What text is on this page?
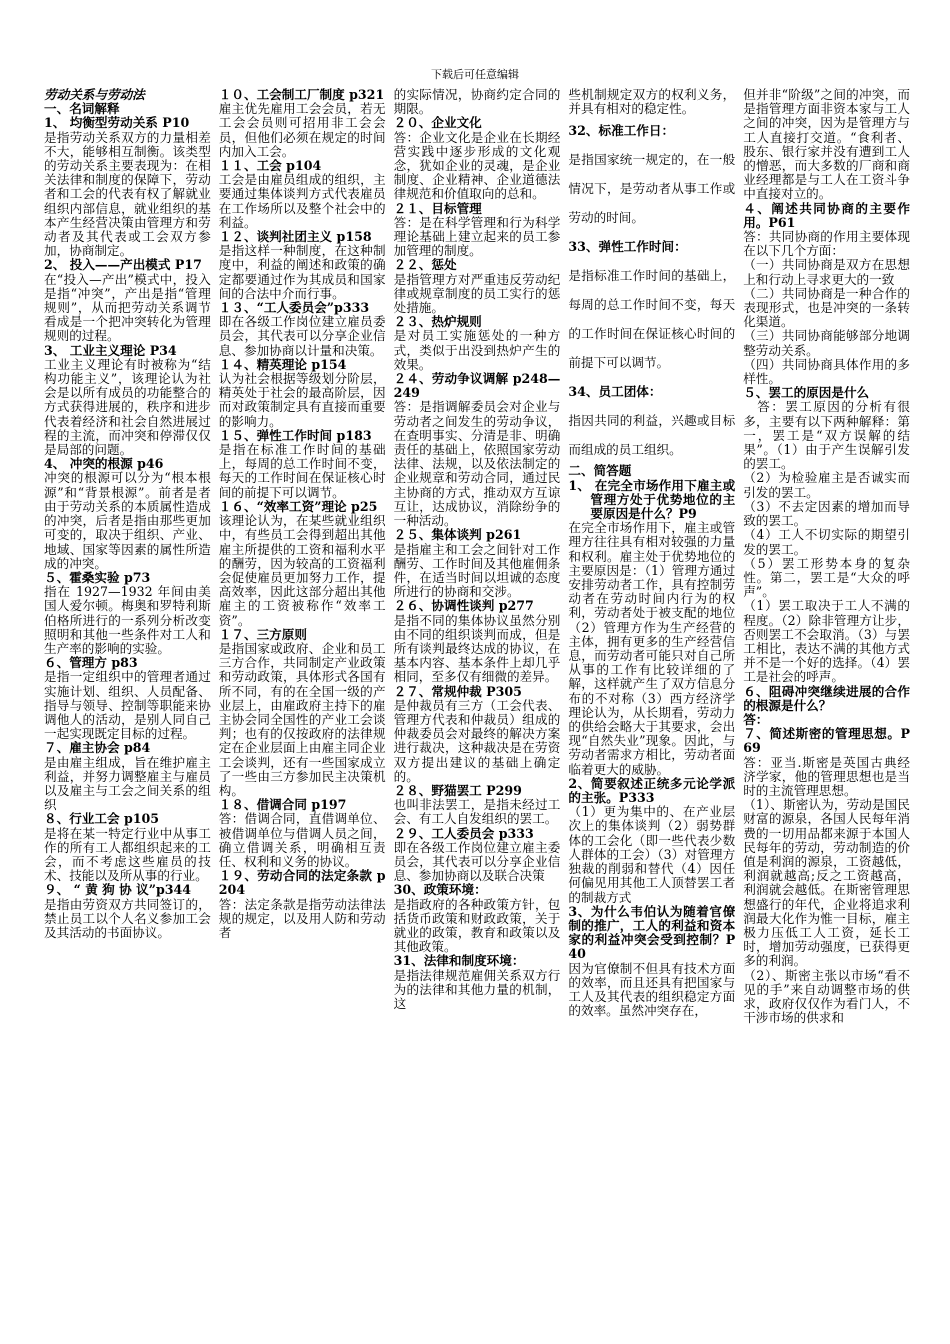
下载后可任意编辑

劳动关系与劳动法

一、名词解释

1、 均衡型劳动关系 P10

是指劳动关系双方的力量相差不大，能够相互制衡。该类型的劳动关系主要表现为：在相关法律和制度的保障下，劳动者和工会的代表有权了解就业组织内部信息，就业组织的基本产生经营决策由管理方和劳动者及其代表或工会双方参加，协商制定。

2、 投入——产出模式 P17

在“投入—产出”模式中，投入是指“冲突”，产出是指“管理规则”，从而把劳动关系调节看成是一个把冲突转化为管理规则的过程。

3、 工业主义理论 P34

工业主义理论有时被称为“结构功能主义”，该理论认为社会是以所有成员的功能整合的方式获得进展的，秩序和进步代表着经济和社会自然进展过程的主流，而冲突和停滞仅仅是局部的问题。

4、 冲突的根源 p46

冲突的根源可以分为“根本根源”和“背景根源”。前者是者由于劳动关系的本质属性造成的冲突，后者是指由那些更加可变的，取决于组织、产业、地域、国家等因素的属性所造成的冲突。

５、霍桑实验 p73

指在 1927—1932 年间由美国人爱尔顿。梅奥和罗特利斯伯格所进行的一系列分析改变照明和其他一些条件对工人和生产率的影响的实验。

６、管理方 p83

是指一定组织中的管理者通过实施计划、组织、人员配备、指导与领导、控制等职能来协调他人的活动，是别人同自己一起实现既定目标的过程。

７、雇主协会 p84

是由雇主组成，旨在维护雇主利益，并努力调整雇主与雇员以及雇主与工会之间关系的组织

８、行业工会 p105

是将在某一特定行业中从事工作的所有工人都组织起来的工会，而不考虑这些雇员的技术、技能以及所从事的行业。

９、 “ 黄 狗 协 议”p344

是指由劳资双方共同签订的，禁止员工以个人名义参加工会及其活动的书面协议。

１０、工会制工厂制度 p321

雇主优先雇用工会会员，若无工会会员则可招用非工会会员，但他们必须在规定的时间内加入工会。

１１、工会 p104

工会是由雇员组成的组织，主要通过集体谈判方式代表雇员在工作场所以及整个社会中的利益。

１２、谈判社团主义 p158

是指这样一种制度，在这种制度中，利益的阐述和政策的确定都要通过作为其成员和国家间的合法中介而行事。

１３、“工人委员会”p333

即在各级工作岗位建立雇员委员会，其代表可以分享企业信息、参加协商以计量和决策。

１４、精英理论 p154

认为社会根据等级划分阶层，精英处于社会的最高阶层，因而对政策制定具有直接而重要的影响力。

１５、弹性工作时间 p183

是指在标准工作时间的基础上，每周的总工作时间不变，每天的工作时间在保证核心时间的前提下可以调节。

１６、“效率工资”理论 p25

该理论认为，在某些就业组织中，有些员工会得到超出其他雇主所提供的工资和福利水平的酬劳，因为较高的工资福利会促使雇员更加努力工作，提高效率，因此这部分超出其他雇主的工资被称作“效率工资”。

１７、三方原则

是指国家或政府、企业和员工三方合作，共同制定产业政策和劳动政策，具体形式各国有所不同，有的在全国一级的产业层上，由雇政府主持下的雇主协会同全国性的产业工会谈判；也有的仅按政府的法律规定在企业层面上由雇主同企业工会谈判，还有一些国家成立了一些由三方参加民主决策机构。

１８、借调合同 p197

答：借调合同，直借调单位、被借调单位与借调人员之间，确立借调关系，明确相互责任、权利和义务的协议。

１９、劳动合同的法定条款 p204

答：法定条款是指劳动法律法规的规定，以及用人防和劳动者

的实际情况，协商约定合同的期限。

２０、企业文化

答：企业文化是企业在长期经营实践中逐步形成的文化观念，犹如企业的灵魂，是企业制度、企业精神、企业道德法律规范和价值取向的总和。

２１、目标管理

答：是在科学管理和行为科学理论基础上建立起来的员工参加管理的制度。

２２、惩处

是指管理方对严重违反劳动纪律或规章制度的员工实行的惩处措施。

２３、热炉规则

是对员工实施惩处的一种方式，类似于出没到热炉产生的效果。

２４、劳动争议调解 p248—249

答：是指调解委员会对企业与劳动者之间发生的劳动争议，在查明事实、分清是非、明确责任的基础上，依照国家劳动法律、法规，以及依法制定的企业规章和劳动合同，通过民主协商的方式，推动双方互谅互让，达成协议，消除纷争的一种活动。

２５、集体谈判 p261

是指雇主和工会之间针对工作酬劳、工作时间及其他雇佣条件，在适当时间以坦诚的态度所进行的协商和交涉。

２６、协调性谈判 p277

是指不同的集体协议虽然分别由不同的组织谈判而成，但是所有谈判最终达成的协议，在基本内容、基本条件上却几乎相同，至多仅有细微的差异。

２７、常规仲裁 P305

是仲裁员有三方（工会代表、管理方代表和仲裁员）组成的仲裁委员会对最终的解决方案进行裁决，这种裁决是在劳资双方提出建议的基础上确定的。

２８、野猫罢工 P299

也叫非法罢工，是指未经过工会、有工人自发组织的罢工。

２９、工人委员会 p333

即在各级工作岗位建立雇主委员会，其代表可以分享企业信息、参加协商以及联合决策

30、政策环境：

是指政府的各种政策方针，包括货币政策和财政政策，关于就业的政策，教育和政策以及其他政策。

31、法律和制度环境：

是指法律规范雇佣关系双方行为的法律和其他力量的机制，这

些机制规定双方的权利义务，并具有相对的稳定性。

32、标准工作日：

是指国家统一规定的，在一般情况下，是劳动者从事工作或劳动的时间。

33、弹性工作时间：

是指标准工作时间的基础上，每周的总工作时间不变，每天的工作时间在保证核心时间的前提下可以调节。

34、员工团体：

指因共同的利益，兴趣或目标而组成的员工组织。

二、简答题

1、 在完全市场作用下雇主或管理方处于优势地位的主要原因是什么？P9

在完全市场作用下，雇主或管理方往往具有相对较强的力量和权利。雇主处于优势地位的主要原因是：（1）管理方通过安排劳动者工作，具有控制劳动者在劳动时间内行为的权利，劳动者处于被支配的地位（2）管理方作为生产经营的主体，拥有更多的生产经营信息，而劳动者可能只对自己所从事的工作有比较详细的了解，这样就产生了双方信息分布的不对称（3）西方经济学理论认为，从长期看，劳动力的供给会略大于其要求，会出现“自然失业”现象。因此，与劳动者需求方相比，劳动者面临着更大的威胁。

2、简要叙述正统多元论学派的主张。P333

（1）更为集中的、在产业层次上的集体谈判（2）弱势群体的工会化（即一些代表少数人群体的工会）（3）对管理方独裁的削弱和替代（4）因任何偏见用其他工人顶替罢工者的制裁方式

3、为什么韦伯认为随着官僚制的推广，工人的利益和资本家的利益冲突会受到控制？P40

因为官僚制不但具有技术方面的效率，而且还具有把国家与工人及其代表的组织稳定方面的效率。虽然冲突存在，

但并非“阶级”之间的冲突，而是指管理方面非资本家与工人之间的冲突，因为是管理方与工人直接打交道。“食利者、股东、银行家并没有遭到工人的憎恶，而大多数的厂商和商业经理都是与工人在工资斗争中直接对立的。

４、阐述共同协商的主要作用。P61

答：共同协商的作用主要体现在以下几个方面：

（一）共同协商是双方在思想上和行动上寻求更大的一致

（二）共同协商是一种合作的表现形式，也是冲突的一条转化渠道。

（三）共同协商能够部分地调整劳动关系。

（四）共同协商具体作用的多样性。

５、罢工的原因是什么

　答：罢工原因的分析有很多，主要有以下两种解释：第一，罢工是“双方误解的结果”。（1）由于产生误解引发的罢工。

（2）为检验雇主是否诚实而引发的罢工。

（3）不去定因素的增加而导致的罢工。

（4）工人不切实际的期望引发的罢工。

（5）罢工形势本身的复杂性。第二，罢工是“大众的呼声”。

（1）罢工取决于工人不满的程度。（2）除非管理方让步，否则罢工不会取消。（3）与罢工相比，表达不满的其他方式并不是一个好的选择。（4）罢工是社会的呼声。

６、阻碍冲突继续进展的合作的根源是什么？

答：

７、简述斯密的管理思想。P69

答：亚当.斯密是英国古典经济学家，他的管理思想也是当时的主流管理思想。

（1）、斯密认为，劳动是国民财富的源泉，各国人民每年消费的一切用品都来源于本国人民每年的劳动，劳动制造的价值是利润的源泉，工资越低，利润就越高;反之工资越高，利润就会越低。在斯密管理思想盛行的年代，企业将追求利润最大化作为惟一目标，雇主极力压低工人工资，延长工时，增加劳动强度，已获得更多的利润。

（2）、斯密主张以市场“看不见的手”来自动调整市场的供求，政府仅仅作为看门人，不干涉市场的供求和
